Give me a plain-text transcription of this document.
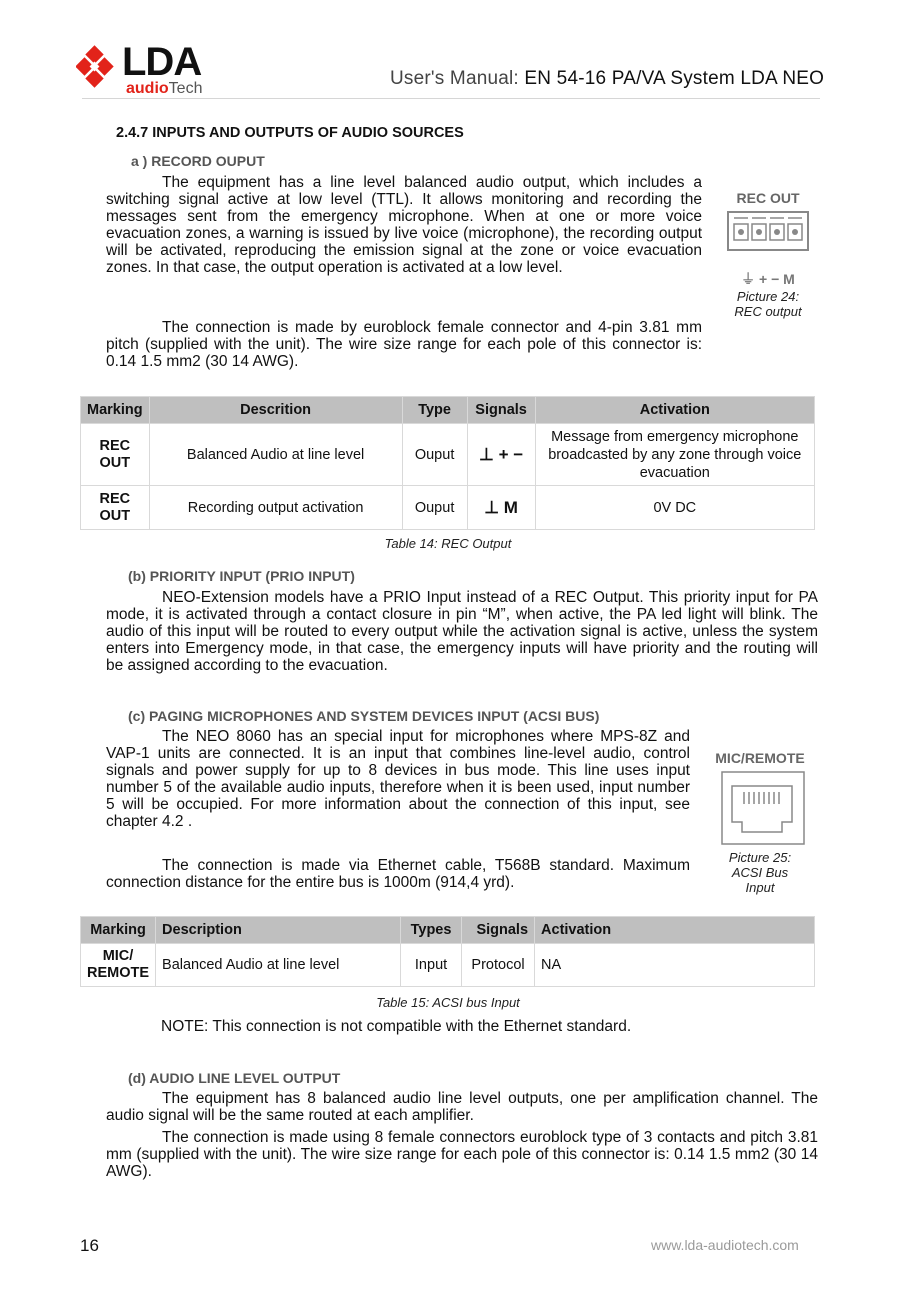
LDA
audioTech	User's Manual: EN 54-16 PA/VA System LDA NEO
2.4.7 INPUTS AND OUTPUTS OF AUDIO SOURCES
a ) RECORD OUPUT
The equipment has a line level balanced audio output, which includes a switching signal active at low level (TTL). It allows monitoring and recording the messages sent from the emergency microphone. When at one or more voice evacuation zones, a warning is issued by live voice (microphone), the recording output will be activated, reproducing the emission signal at the zone or voice evacuation zones. In that case, the output operation is activated at a low level.
The connection is made by euroblock female connector and 4-pin 3.81 mm pitch (supplied with the unit). The wire size range for each pole of this connector is: 0.14 1.5 mm2 (30 14 AWG).
REC OUT
⏚ + − M
Picture 24:
REC output
Marking	Descrition	Type	Signals	Activation
REC OUT	Balanced Audio at line level	Ouput	⊥ + −	Message from emergency microphone broadcasted by any zone through voice evacuation
REC OUT	Recording output activation	Ouput	⊥ M	0V DC
Table 14: REC Output
(b) PRIORITY INPUT (PRIO INPUT)
NEO-Extension models have a PRIO Input instead of a REC Output. This priority input for PA mode, it is activated through a contact closure in pin “M”, when active, the PA led light will blink. The audio of this input will be routed to every output while the activation signal is active, unless the system enters into Emergency mode, in that case, the emergency inputs will have priority and the routing will be assigned according to the evacuation.
(c) PAGING MICROPHONES AND SYSTEM DEVICES INPUT (ACSI BUS)
The NEO 8060 has an special input for microphones where MPS-8Z and VAP-1 units are connected. It is an input that combines line-level audio, control signals and power supply for up to 8 devices in bus mode. This line uses input number 5 of the available audio inputs, therefore when it is been used, input number 5 will be occupied. For more information about the connection of this input, see chapter 4.2 .
The connection is made via Ethernet cable, T568B standard. Maximum connection distance for the entire bus is 1000m (914,4 yrd).
MIC/REMOTE
Picture 25:
ACSI Bus
Input
Marking	Description	Types	Signals	Activation
MIC/ REMOTE	Balanced Audio at line level	Input	Protocol	NA
Table 15: ACSI bus Input
NOTE: This connection is not compatible with the Ethernet standard.
(d) AUDIO LINE LEVEL OUTPUT
The equipment has 8 balanced audio line level outputs, one per amplification channel. The audio signal will be the same routed at each amplifier.
The connection is made using 8 female connectors euroblock type of 3 contacts and pitch 3.81 mm (supplied with the unit). The wire size range for each pole of this connector is: 0.14 1.5 mm2 (30 14 AWG).
16	www.lda-audiotech.com
